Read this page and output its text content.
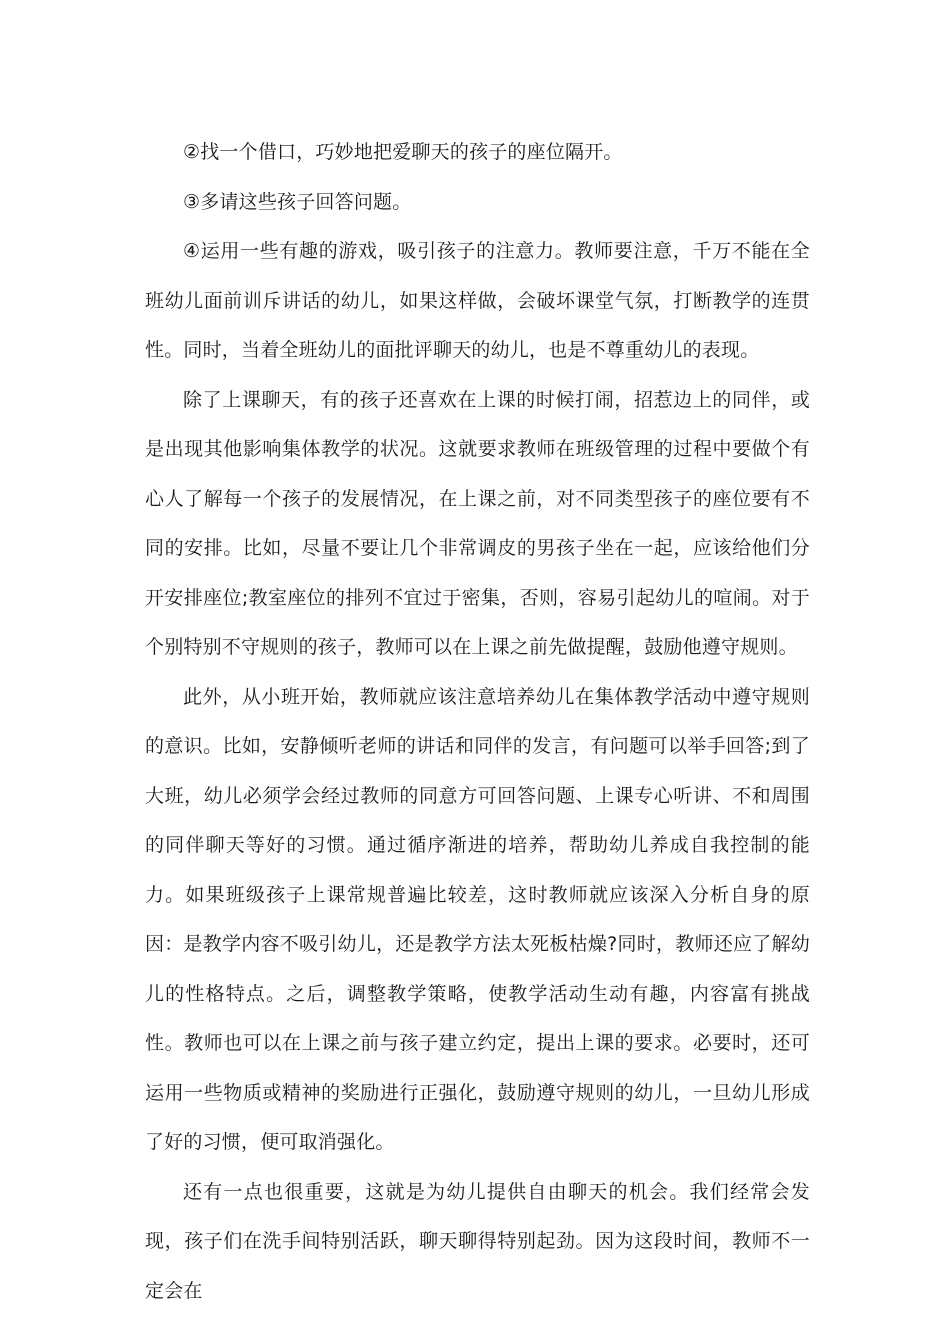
②找一个借口，巧妙地把爱聊天的孩子的座位隔开。

③多请这些孩子回答问题。

④运用一些有趣的游戏，吸引孩子的注意力。教师要注意，千万不能在全班幼儿面前训斥讲话的幼儿，如果这样做，会破坏课堂气氛，打断教学的连贯性。同时，当着全班幼儿的面批评聊天的幼儿，也是不尊重幼儿的表现。

除了上课聊天，有的孩子还喜欢在上课的时候打闹，招惹边上的同伴，或是出现其他影响集体教学的状况。这就要求教师在班级管理的过程中要做个有心人了解每一个孩子的发展情况，在上课之前，对不同类型孩子的座位要有不同的安排。比如，尽量不要让几个非常调皮的男孩子坐在一起，应该给他们分开安排座位;教室座位的排列不宜过于密集，否则，容易引起幼儿的喧闹。对于个别特别不守规则的孩子，教师可以在上课之前先做提醒，鼓励他遵守规则。

此外，从小班开始，教师就应该注意培养幼儿在集体教学活动中遵守规则的意识。比如，安静倾听老师的讲话和同伴的发言，有问题可以举手回答;到了大班，幼儿必须学会经过教师的同意方可回答问题、上课专心听讲、不和周围的同伴聊天等好的习惯。通过循序渐进的培养，帮助幼儿养成自我控制的能力。如果班级孩子上课常规普遍比较差，这时教师就应该深入分析自身的原因：是教学内容不吸引幼儿，还是教学方法太死板枯燥?同时，教师还应了解幼儿的性格特点。之后，调整教学策略，使教学活动生动有趣，内容富有挑战性。教师也可以在上课之前与孩子建立约定，提出上课的要求。必要时，还可运用一些物质或精神的奖励进行正强化，鼓励遵守规则的幼儿，一旦幼儿形成了好的习惯，便可取消强化。

还有一点也很重要，这就是为幼儿提供自由聊天的机会。我们经常会发现，孩子们在洗手间特别活跃，聊天聊得特别起劲。因为这段时间，教师不一定会在
